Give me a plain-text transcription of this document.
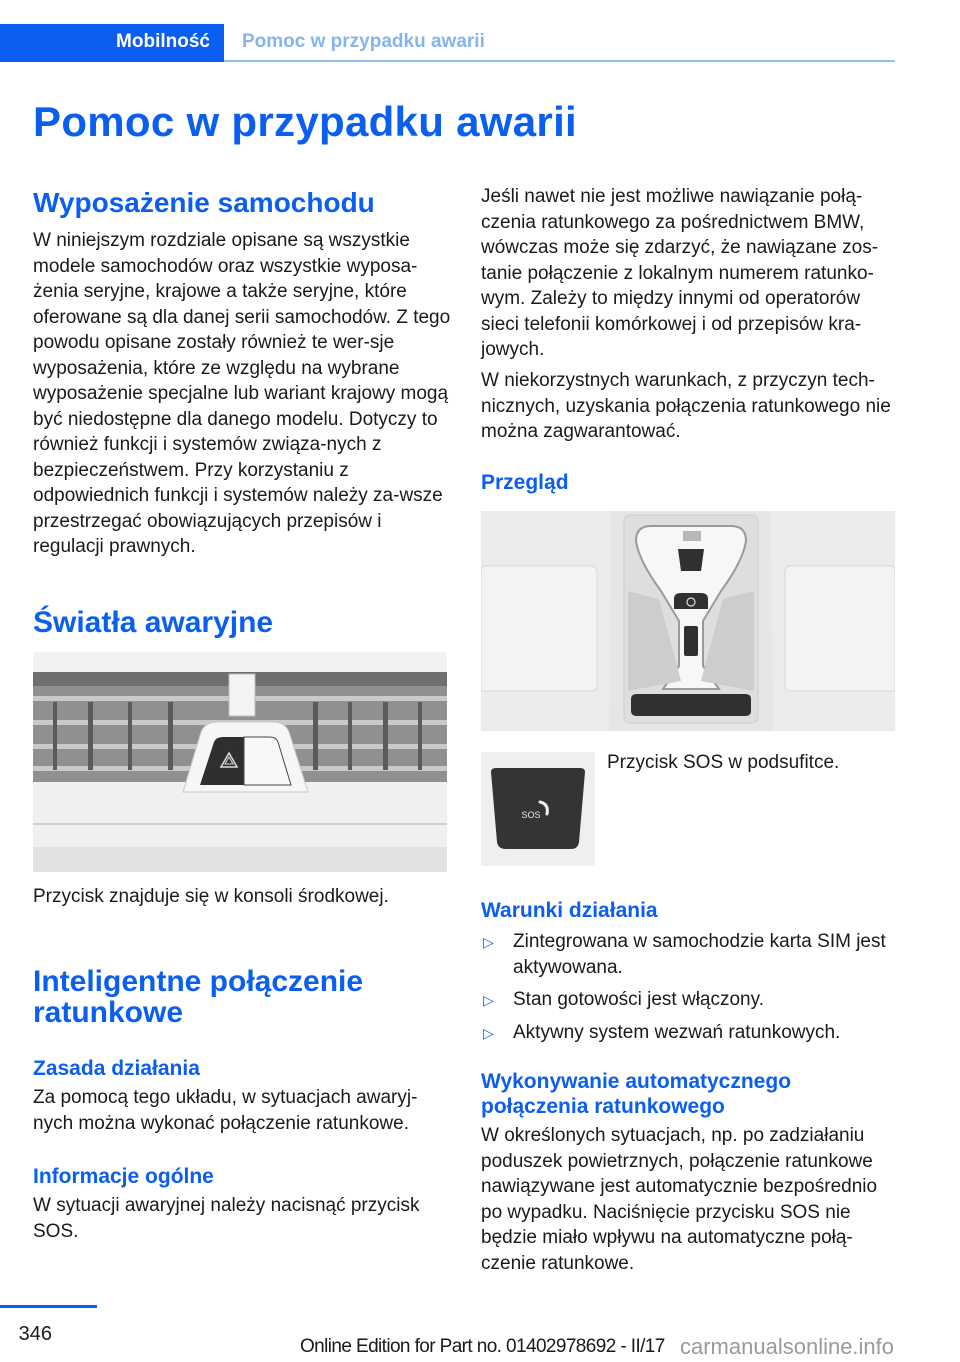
Mobilność Pomoc w przypadku awarii
Pomoc w przypadku awarii
Wyposażenie samochodu

W niniejszym rozdziale opisane są wszystkie modele samochodów oraz wszystkie wyposa-żenia seryjne, krajowe a także seryjne, które oferowane są dla danej serii samochodów. Z tego powodu opisane zostały również te wer-sje wyposażenia, które ze względu na wybrane wyposażenie specjalne lub wariant krajowy mogą być niedostępne dla danego modelu. Dotyczy to również funkcji i systemów związa-nych z bezpieczeństwem. Przy korzystaniu z odpowiednich funkcji i systemów należy za-wsze przestrzegać obowiązujących przepisów i regulacji prawnych.

Światła awaryjne

Przycisk znajduje się w konsoli środkowej.

Inteligentne połączenie ratunkowe
Zasada działania

Za pomocą tego układu, w sytuacjach awaryj-nych można wykonać połączenie ratunkowe.

Informacje ogólne

W sytuacji awaryjnej należy nacisnąć przycisk SOS.

Jeśli nawet nie jest możliwe nawiązanie połą-czenia ratunkowego za pośrednictwem BMW, wówczas może się zdarzyć, że nawiązane zos-tanie połączenie z lokalnym numerem ratunko-wym. Zależy to między innymi od operatorów sieci telefonii komórkowej i od przepisów kra-jowych.

W niekorzystnych warunkach, z przyczyn tech-nicznych, uzyskania połączenia ratunkowego nie można zagwarantować.

Przegląd
SOS

Przycisk SOS w podsufitce.

Warunki działania
▷ Zintegrowana w samochodzie karta SIM jest aktywowana.
▷ Stan gotowości jest włączony.
▷ Aktywny system wezwań ratunkowych.
Wykonywanie automatycznego połączenia ratunkowego

W określonych sytuacjach, np. po zadziałaniu poduszek powietrznych, połączenie ratunkowe nawiązywane jest automatycznie bezpośrednio po wypadku. Naciśnięcie przycisku SOS nie będzie miało wpływu na automatyczne połą-czenie ratunkowe.

346
Online Edition for Part no. 01402978692 - II/17 carmanualsonline.info
